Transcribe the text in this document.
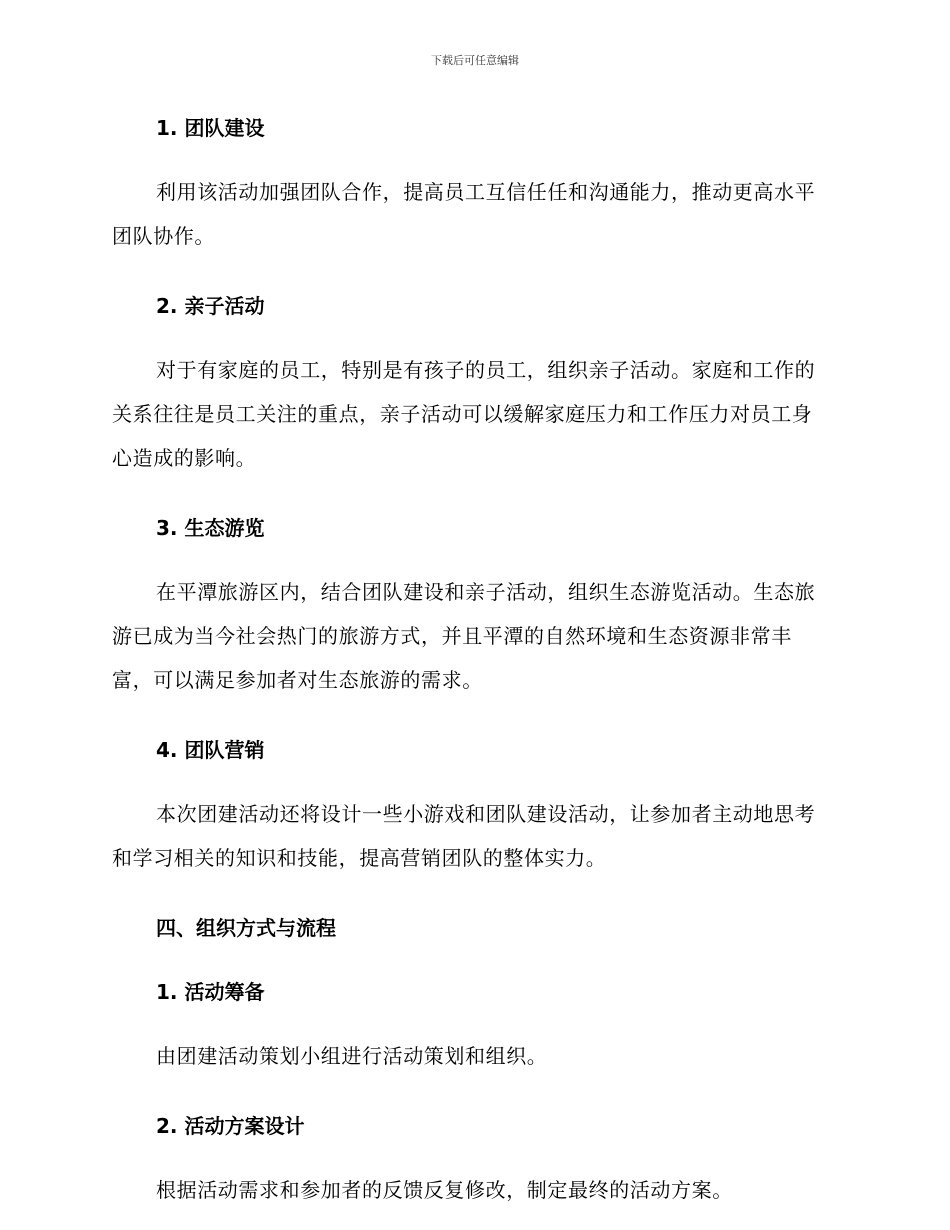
下载后可任意编辑
1. 团队建设

利用该活动加强团队合作，提高员工互信任任和沟通能力，推动更高水平团队协作。

2. 亲子活动

对于有家庭的员工，特别是有孩子的员工，组织亲子活动。家庭和工作的关系往往是员工关注的重点，亲子活动可以缓解家庭压力和工作压力对员工身心造成的影响。

3. 生态游览

在平潭旅游区内，结合团队建设和亲子活动，组织生态游览活动。生态旅游已成为当今社会热门的旅游方式，并且平潭的自然环境和生态资源非常丰富，可以满足参加者对生态旅游的需求。

4. 团队营销

本次团建活动还将设计一些小游戏和团队建设活动，让参加者主动地思考和学习相关的知识和技能，提高营销团队的整体实力。

四、组织方式与流程
1. 活动筹备

由团建活动策划小组进行活动策划和组织。

2. 活动方案设计

根据活动需求和参加者的反馈反复修改，制定最终的活动方案。
